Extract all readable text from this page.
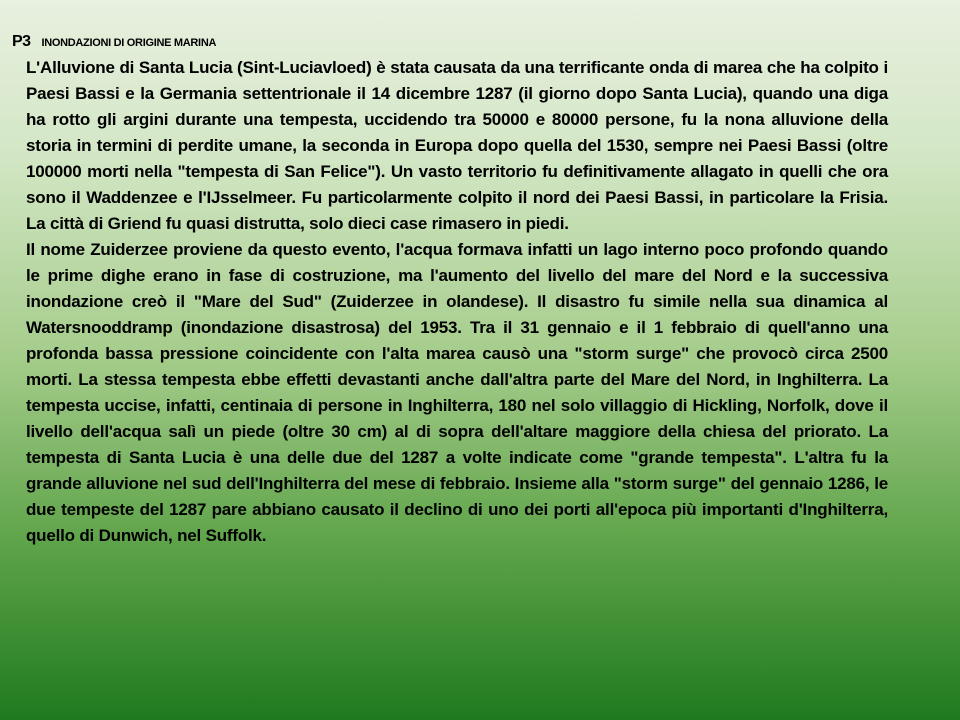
P3 INONDAZIONI DI ORIGINE MARINA

L'Alluvione di Santa Lucia (Sint-Luciavloed) è stata causata da una terrificante onda di marea che ha colpito i Paesi Bassi e la Germania settentrionale il 14 dicembre 1287 (il giorno dopo Santa Lucia), quando una diga ha rotto gli argini durante una tempesta, uccidendo tra 50000 e 80000 persone, fu la nona alluvione della storia in termini di perdite umane, la seconda in Europa dopo quella del 1530, sempre nei Paesi Bassi (oltre 100000 morti nella "tempesta di San Felice"). Un vasto territorio fu definitivamente allagato in quelli che ora sono il Waddenzee e l'IJsselmeer. Fu particolarmente colpito il nord dei Paesi Bassi, in particolare la Frisia. La città di Griend fu quasi distrutta, solo dieci case rimasero in piedi.

Il nome Zuiderzee proviene da questo evento, l'acqua formava infatti un lago interno poco profondo quando le prime dighe erano in fase di costruzione, ma l'aumento del livello del mare del Nord e la successiva inondazione creò il "Mare del Sud" (Zuiderzee in olandese). Il disastro fu simile nella sua dinamica al Watersnooddramp (inondazione disastrosa) del 1953. Tra il 31 gennaio e il 1 febbraio di quell'anno una profonda bassa pressione coincidente con l'alta marea causò una "storm surge" che provocò circa 2500 morti. La stessa tempesta ebbe effetti devastanti anche dall'altra parte del Mare del Nord, in Inghilterra. La tempesta uccise, infatti, centinaia di persone in Inghilterra, 180 nel solo villaggio di Hickling, Norfolk, dove il livello dell'acqua salì un piede (oltre 30 cm) al di sopra dell'altare maggiore della chiesa del priorato. La tempesta di Santa Lucia è una delle due del 1287 a volte indicate come "grande tempesta". L'altra fu la grande alluvione nel sud dell'Inghilterra del mese di febbraio. Insieme alla "storm surge" del gennaio 1286, le due tempeste del 1287 pare abbiano causato il declino di uno dei porti all'epoca più importanti d'Inghilterra, quello di Dunwich, nel Suffolk.
